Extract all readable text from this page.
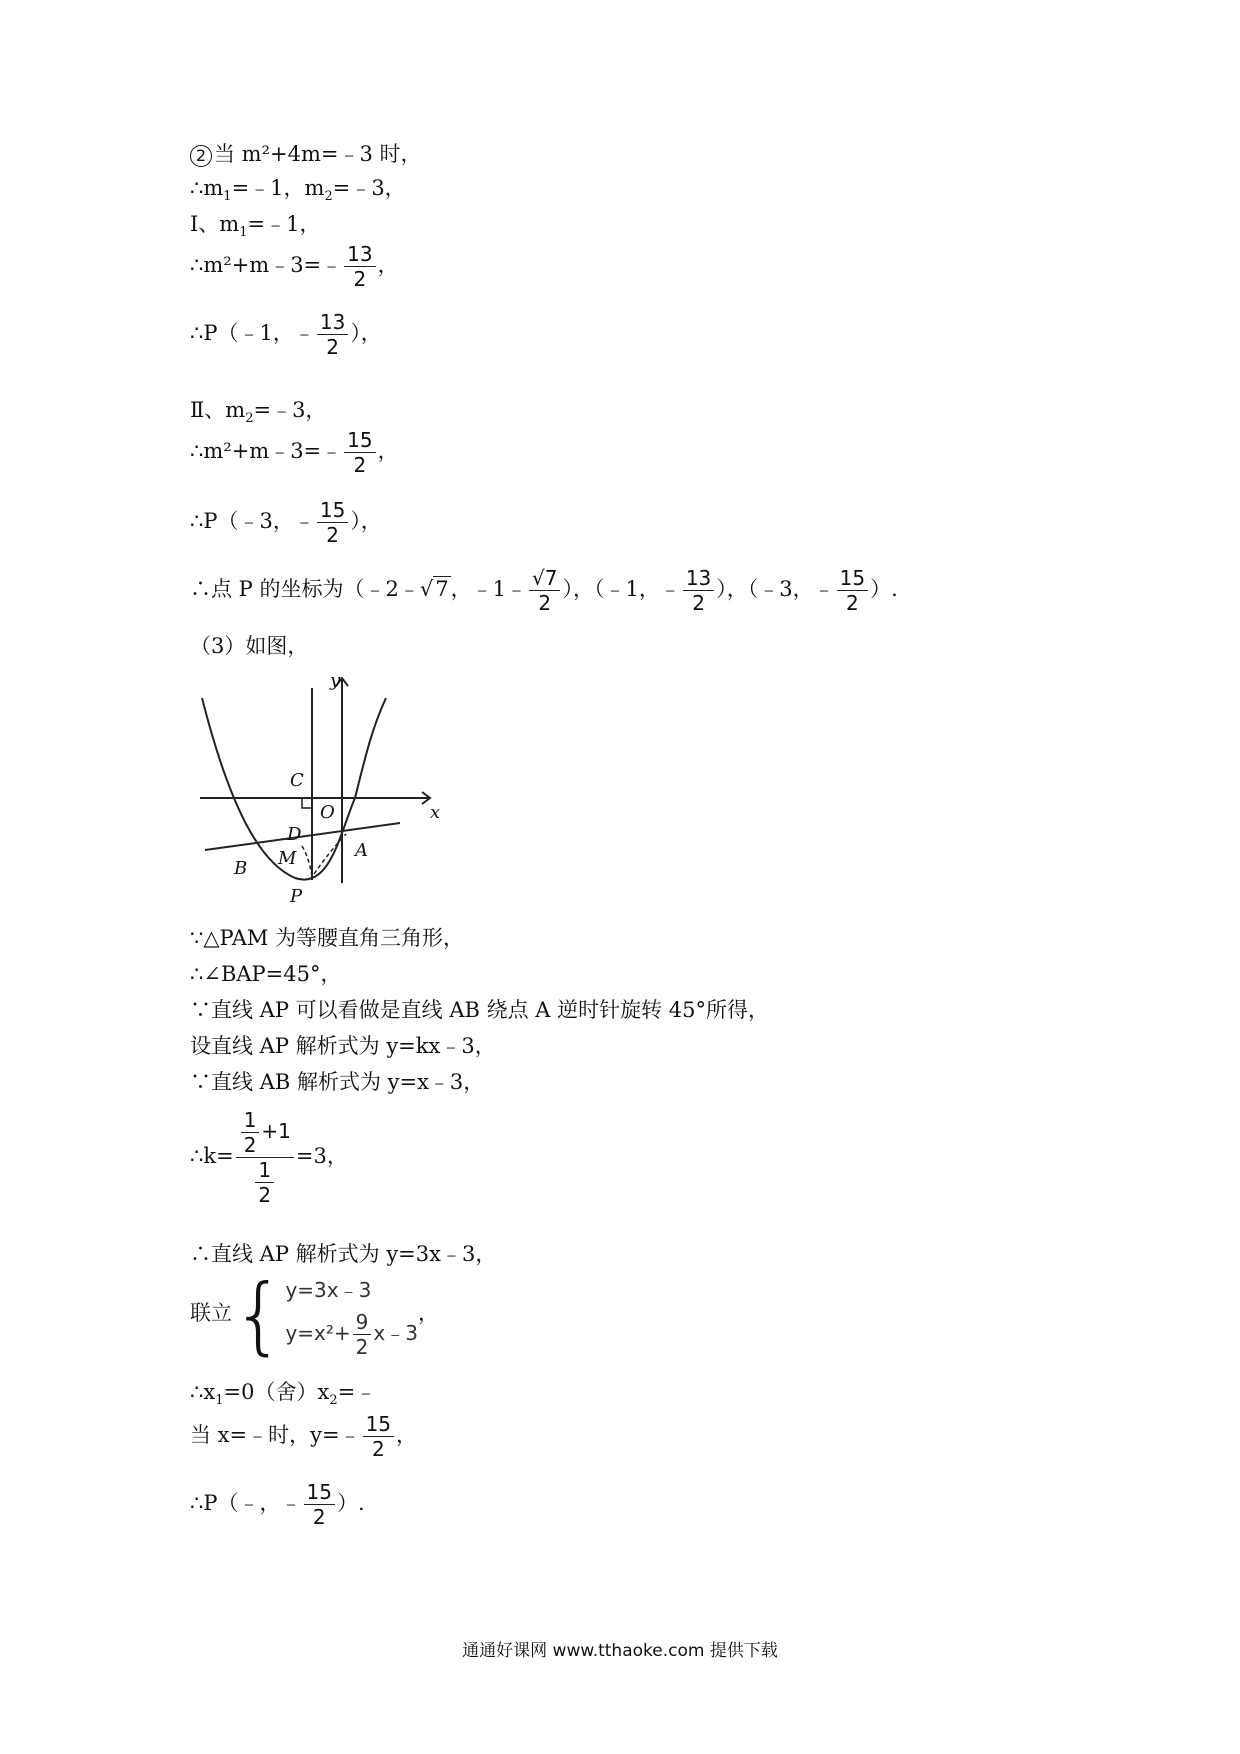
2 当 m²+4m=﹣3 时，
$\therefore m_1=﹣1$，$m_2=﹣3$，
Ⅰ、$m_1=﹣1$，
∴m²+m﹣3=﹣ $\frac{13}{2}$ ，
∴P（﹣1，﹣ $\frac{13}{2}$ ），
Ⅱ、$m_2=﹣3$，
∴m²+m﹣3=﹣ $\frac{15}{2}$ ，
∴P（﹣3，﹣ $\frac{15}{2}$ ），
∴点 P 的坐标为（﹣2﹣√7，﹣1﹣ $\frac{√7}{2}$ ），（﹣1，﹣ $\frac{13}{2}$ ），（﹣3，﹣ $\frac{15}{2}$ ）.
（3）如图，
y
x
C
O
D
A
B M
P
∵△PAM 为等腰直角三角形，
∴∠BAP=45°，
∵直线 AP 可以看做是直线 AB 绕点 A 逆时针旋转 45°所得，
设直线 AP 解析式为 y=kx﹣3，
∵直线 AB 解析式为 y=x﹣3，
∴k= $\frac{\frac{1}{2} +1}{\frac{1}{2}} =3$，
∴直线 AP 解析式为 y=3x﹣3，
联立{ y=3x﹣3
$y=x^2+ \frac{9}{2}$ x﹣3
，
$\therefore x_1=0$（舍）$x_2=﹣$
当 x=﹣时，y=﹣ $\frac{15}{2}$ ，
∴P（﹣，﹣ $\frac{15}{2}$ ）.
通通好课网 www.tthaoke.com 提供下载
